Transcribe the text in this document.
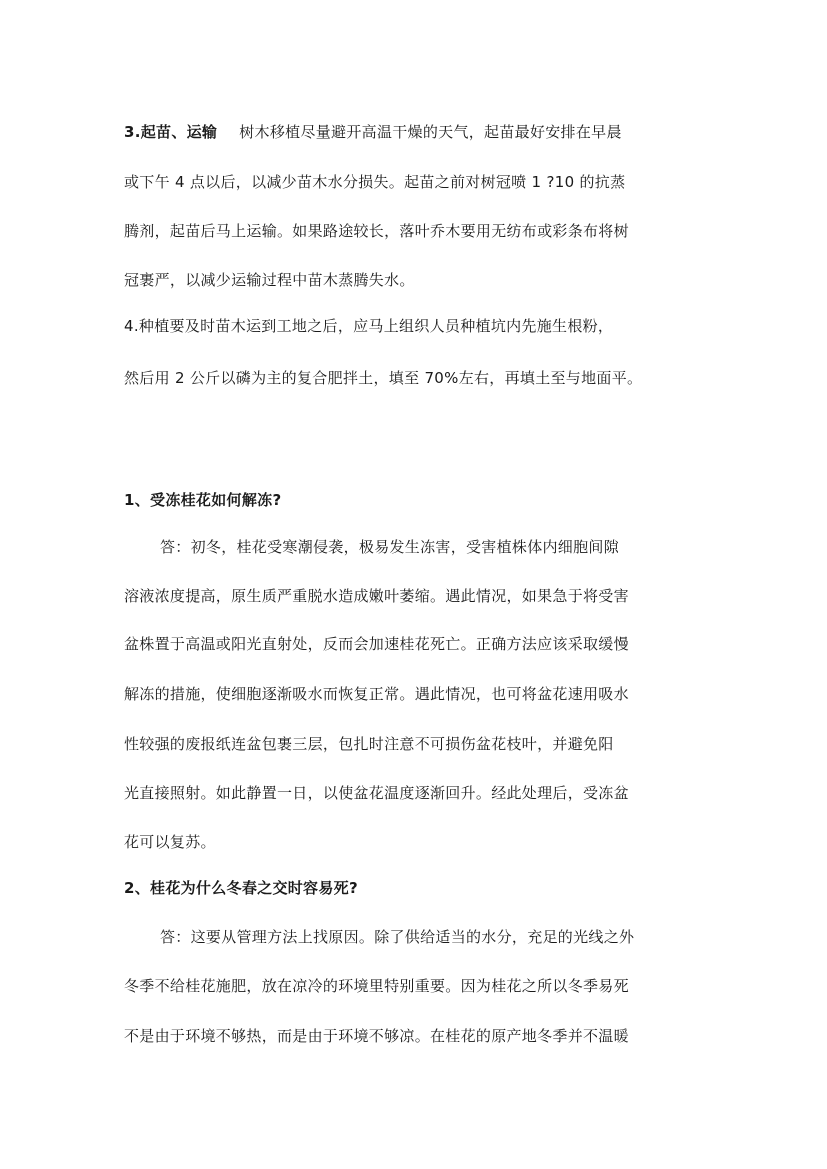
3.起苗、运输 树木移植尽量避开高温干燥的天气，起苗最好安排在早晨
或下午 4 点以后，以减少苗木水分损失。起苗之前对树冠喷 1 ?10 的抗蒸
腾剂，起苗后马上运输。如果路途较长，落叶乔木要用无纺布或彩条布将树
冠裹严，以减少运输过程中苗木蒸腾失水。
4.种植要及时苗木运到工地之后，应马上组织人员种植坑内先施生根粉，
然后用 2 公斤以磷为主的复合肥拌土，填至 70%左右，再填土至与地面平。
1、受冻桂花如何解冻?
答：初冬，桂花受寒潮侵袭，极易发生冻害，受害植株体内细胞间隙
溶液浓度提高，原生质严重脱水造成嫩叶萎缩。遇此情况，如果急于将受害
盆株置于高温或阳光直射处，反而会加速桂花死亡。正确方法应该采取缓慢
解冻的措施，使细胞逐渐吸水而恢复正常。遇此情况，也可将盆花速用吸水
性较强的废报纸连盆包裹三层，包扎时注意不可损伤盆花枝叶，并避免阳
光直接照射。如此静置一日，以使盆花温度逐渐回升。经此处理后，受冻盆
花可以复苏。
2、桂花为什么冬春之交时容易死?
答：这要从管理方法上找原因。除了供给适当的水分，充足的光线之外
冬季不给桂花施肥，放在凉冷的环境里特别重要。因为桂花之所以冬季易死
不是由于环境不够热，而是由于环境不够凉。在桂花的原产地冬季并不温暖
